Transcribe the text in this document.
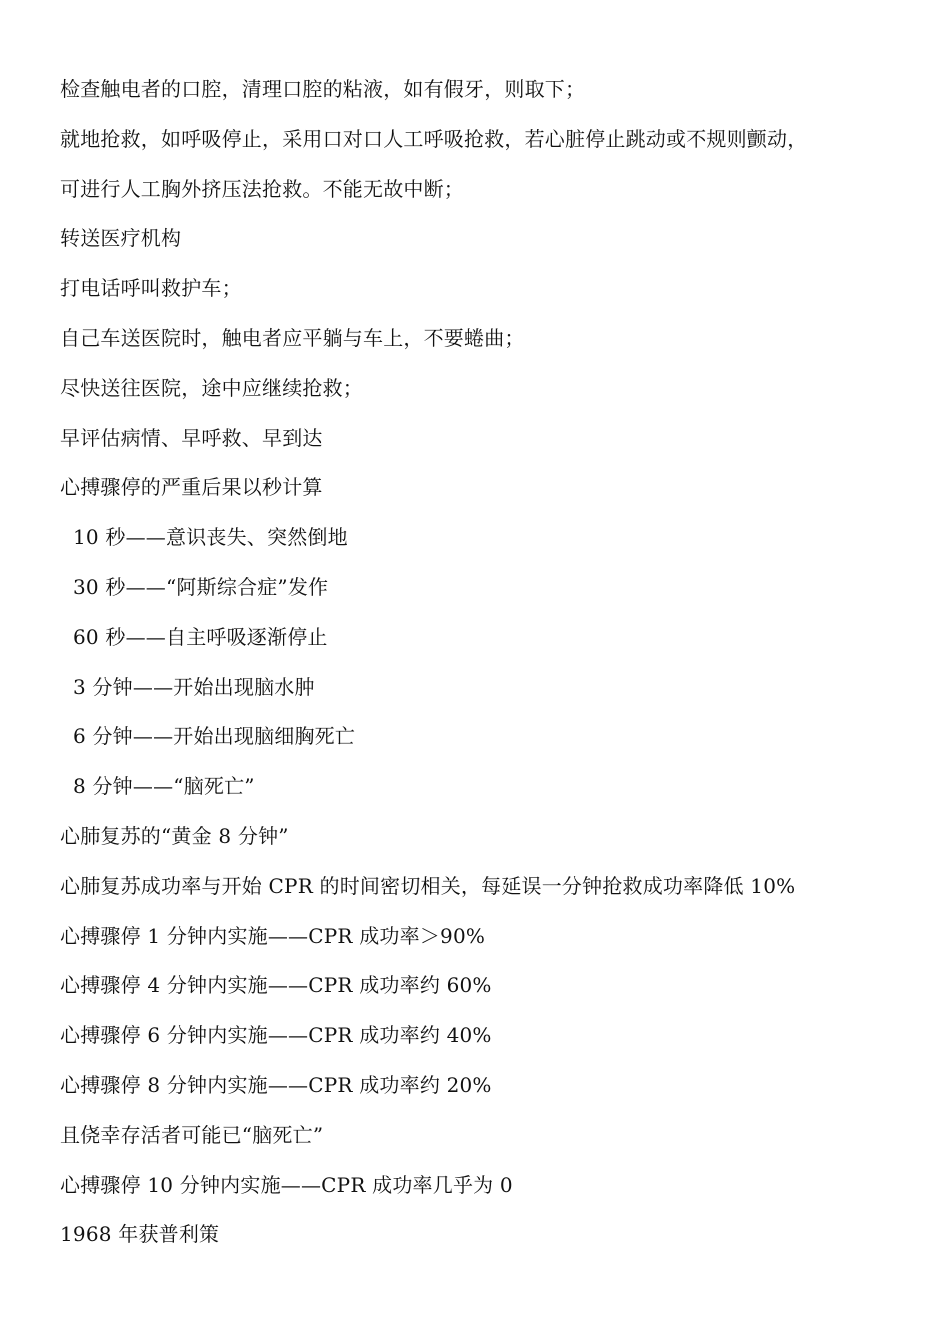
检查触电者的口腔，清理口腔的粘液，如有假牙，则取下；
就地抢救，如呼吸停止，采用口对口人工呼吸抢救，若心脏停止跳动或不规则颤动，
可进行人工胸外挤压法抢救。不能无故中断；
转送医疗机构
打电话呼叫救护车；
自己车送医院时，触电者应平躺与车上，不要蜷曲；
尽快送往医院，途中应继续抢救；
早评估病情、早呼救、早到达
心搏骤停的严重后果以秒计算
10 秒——意识丧失、突然倒地
30 秒——“阿斯综合症”发作
60 秒——自主呼吸逐渐停止
3 分钟——开始出现脑水肿
6 分钟——开始出现脑细胸死亡
8 分钟——“脑死亡”
心肺复苏的“黄金 8 分钟”
心肺复苏成功率与开始 CPR 的时间密切相关，每延误一分钟抢救成功率降低 10%
心搏骤停 1 分钟内实施——CPR 成功率＞90%
心搏骤停 4 分钟内实施——CPR 成功率约 60%
心搏骤停 6 分钟内实施——CPR 成功率约 40%
心搏骤停 8 分钟内实施——CPR 成功率约 20%
且侥幸存活者可能已“脑死亡”
心搏骤停 10 分钟内实施——CPR 成功率几乎为 0
1968 年获普利策
